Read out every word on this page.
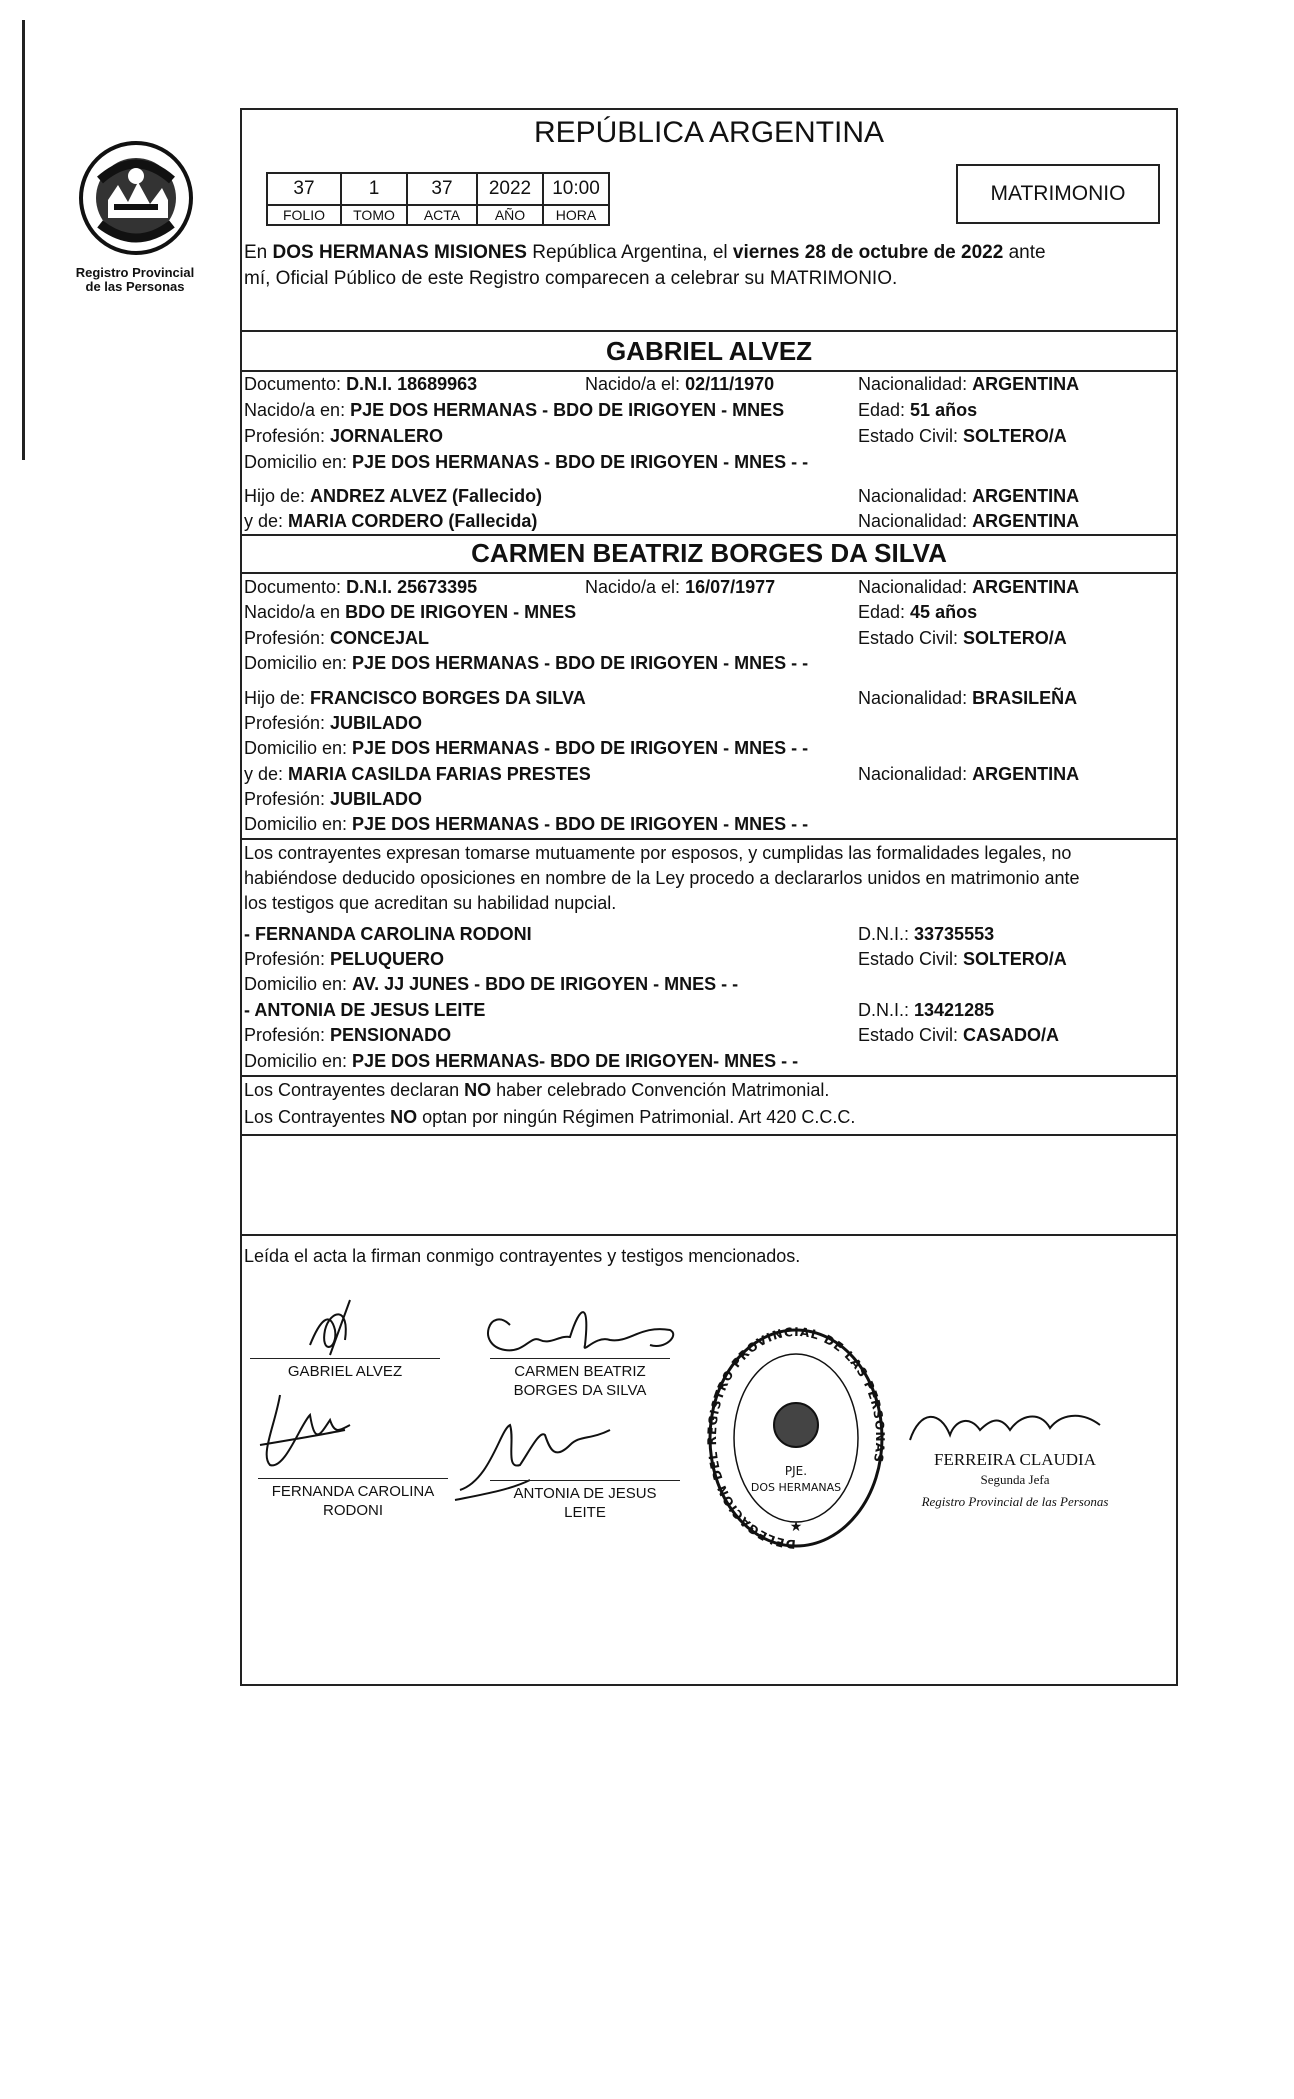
Registro Provincial
de las Personas
REPÚBLICA ARGENTINA
37	1	37	2022	10:00
FOLIO	TOMO	ACTA	AÑO	HORA
MATRIMONIO
En DOS HERMANAS MISIONES República Argentina, el viernes 28 de octubre de 2022 ante
mí, Oficial Público de este Registro comparecen a celebrar su MATRIMONIO.
GABRIEL ALVEZ
Documento: D.N.I. 18689963	Nacido/a el: 02/11/1970	Nacionalidad: ARGENTINA
Nacido/a en: PJE DOS HERMANAS - BDO DE IRIGOYEN - MNES	Edad: 51 años
Profesión: JORNALERO	Estado Civil: SOLTERO/A
Domicilio en: PJE DOS HERMANAS - BDO DE IRIGOYEN - MNES - -
Hijo de: ANDREZ ALVEZ (Fallecido)	Nacionalidad: ARGENTINA
y de: MARIA CORDERO (Fallecida)	Nacionalidad: ARGENTINA
CARMEN BEATRIZ BORGES DA SILVA
Documento: D.N.I. 25673395	Nacido/a el: 16/07/1977	Nacionalidad: ARGENTINA
Nacido/a en BDO DE IRIGOYEN - MNES	Edad: 45 años
Profesión: CONCEJAL	Estado Civil: SOLTERO/A
Domicilio en: PJE DOS HERMANAS - BDO DE IRIGOYEN - MNES - -
Hijo de: FRANCISCO BORGES DA SILVA	Nacionalidad: BRASILEÑA
Profesión: JUBILADO
Domicilio en: PJE DOS HERMANAS - BDO DE IRIGOYEN - MNES - -
y de: MARIA CASILDA FARIAS PRESTES	Nacionalidad: ARGENTINA
Profesión: JUBILADO
Domicilio en: PJE DOS HERMANAS - BDO DE IRIGOYEN - MNES - -
Los contrayentes expresan tomarse mutuamente por esposos, y cumplidas las formalidades legales, no
habiéndose deducido oposiciones en nombre de la Ley procedo a declararlos unidos en matrimonio ante
los testigos que acreditan su habilidad nupcial.
- FERNANDA CAROLINA RODONI	D.N.I.: 33735553
Profesión: PELUQUERO	Estado Civil: SOLTERO/A
Domicilio en: AV. JJ JUNES - BDO DE IRIGOYEN - MNES - -
- ANTONIA DE JESUS LEITE	D.N.I.: 13421285
Profesión: PENSIONADO	Estado Civil: CASADO/A
Domicilio en: PJE DOS HERMANAS- BDO DE IRIGOYEN- MNES - -
Los Contrayentes declaran NO haber celebrado Convención Matrimonial.
Los Contrayentes NO optan por ningún Régimen Patrimonial. Art 420 C.C.C.
Leída el acta la firman conmigo contrayentes y testigos mencionados.
GABRIEL ALVEZ	CARMEN BEATRIZ
BORGES DA SILVA
FERNANDA CAROLINA
RODONI
ANTONIA DE JESUS
LEITE
DELEGACION DEL REGISTRO PROVINCIAL DE LAS PERSONAS
PJE.
DOS HERMANAS
★
FERREIRA CLAUDIA
Segunda Jefa
Registro Provincial de las Personas
